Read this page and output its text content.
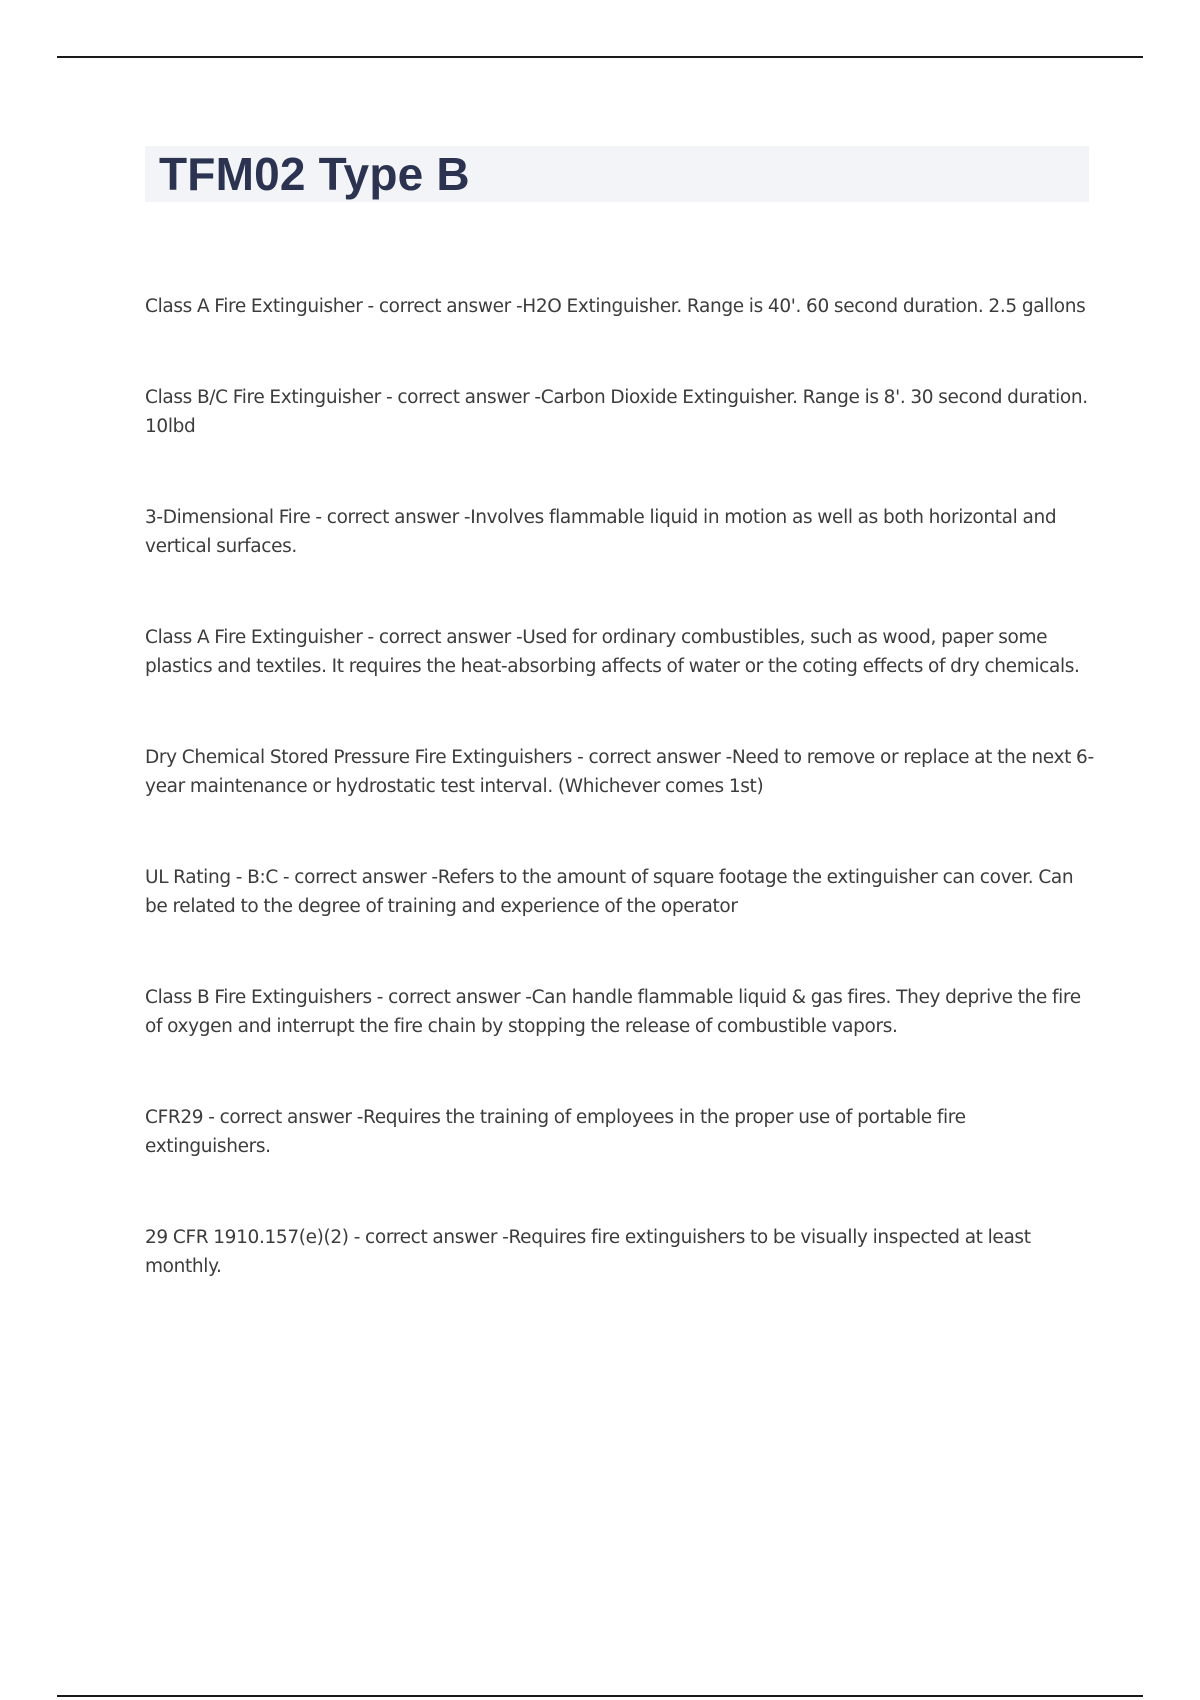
TFM02 Type B
Class A Fire Extinguisher - correct answer -H2O Extinguisher. Range is 40'. 60 second duration. 2.5 gallons
Class B/C Fire Extinguisher - correct answer -Carbon Dioxide Extinguisher. Range is 8'. 30 second duration. 10lbd
3-Dimensional Fire - correct answer -Involves flammable liquid in motion as well as both horizontal and vertical surfaces.
Class A Fire Extinguisher - correct answer -Used for ordinary combustibles, such as wood, paper some plastics and textiles. It requires the heat-absorbing affects of water or the coting effects of dry chemicals.
Dry Chemical Stored Pressure Fire Extinguishers - correct answer -Need to remove or replace at the next 6-year maintenance or hydrostatic test interval. (Whichever comes 1st)
UL Rating - B:C - correct answer -Refers to the amount of square footage the extinguisher can cover. Can be related to the degree of training and experience of the operator
Class B Fire Extinguishers - correct answer -Can handle flammable liquid & gas fires. They deprive the fire of oxygen and interrupt the fire chain by stopping the release of combustible vapors.
CFR29 - correct answer -Requires the training of employees in the proper use of portable fire extinguishers.
29 CFR 1910.157(e)(2) - correct answer -Requires fire extinguishers to be visually inspected at least monthly.
